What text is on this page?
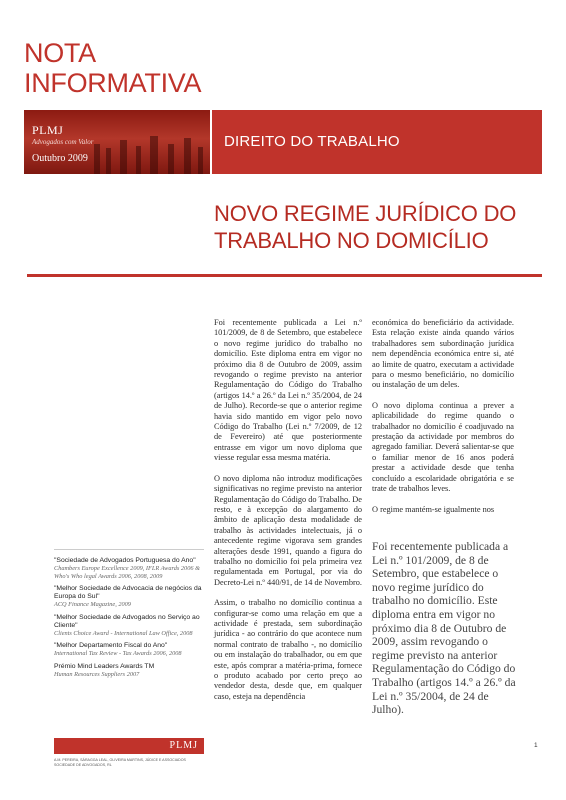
NOTA
INFORMATIVA
PLMJ
Advogados com Valor
Outubro 2009
DIREITO DO TRABALHO
NOVO REGIME JURÍDICO DO
TRABALHO NO DOMICÍLIO

Foi recentemente publicada a Lei n.º 101/2009, de 8 de Setembro, que estabelece o novo regime jurídico do trabalho no domicílio. Este diploma entra em vigor no próximo dia 8 de Outubro de 2009, assim revogando o regime previsto na anterior Regulamentação do Código do Trabalho (artigos 14.º a 26.º da Lei n.º 35/2004, de 24 de Julho). Recorde-se que o anterior regime havia sido mantido em vigor pelo novo Código do Trabalho (Lei n.º 7/2009, de 12 de Fevereiro) até que posteriormente entrasse em vigor um novo diploma que viesse regular essa mesma matéria.

O novo diploma não introduz modificações significativas no regime previsto na anterior Regulamentação do Código do Trabalho. De resto, e à excepção do alargamento do âmbito de aplicação desta modalidade de trabalho às actividades intelectuais, já o antecedente regime vigorava sem grandes alterações desde 1991, quando a figura do trabalho no domicílio foi pela primeira vez regulamentada em Portugal, por via do Decreto-Lei n.º 440/91, de 14 de Novembro.

Assim, o trabalho no domicílio continua a configurar-se como uma relação em que a actividade é prestada, sem subordinação jurídica - ao contrário do que acontece num normal contrato de trabalho -, no domicílio ou em instalação do trabalhador, ou em que este, após comprar a matéria-prima, fornece o produto acabado por certo preço ao vendedor desta, desde que, em qualquer caso, esteja na dependência

económica do beneficiário da actividade. Esta relação existe ainda quando vários trabalhadores sem subordinação jurídica nem dependência económica entre si, até ao limite de quatro, executam a actividade para o mesmo beneficiário, no domicílio ou instalação de um deles.

O novo diploma continua a prever a aplicabilidade do regime quando o trabalhador no domicílio é coadjuvado na prestação da actividade por membros do agregado familiar. Deverá salientar-se que o familiar menor de 16 anos poderá prestar a actividade desde que tenha concluído a escolaridade obrigatória e se trate de trabalhos leves.

O regime mantém-se igualmente nos

Foi recentemente publicada a Lei n.º 101/2009, de 8 de Setembro, que estabelece o novo regime jurídico do trabalho no domicílio. Este diploma entra em vigor no próximo dia 8 de Outubro de 2009, assim revogando o regime previsto na anterior Regulamentação do Código do Trabalho (artigos 14.º a 26.º da Lei n.º 35/2004, de 24 de Julho).
"Sociedade de Advogados Portuguesa do Ano"
Chambers Europe Excellence 2009, IFLR Awards 2006 & Who's Who legal Awards 2006, 2008, 2009
"Melhor Sociedade de Advocacia de negócios da Europa do Sul"
ACQ Finance Magazine, 2009
"Melhor Sociedade de Advogados no Serviço ao Cliente"
Clients Choice Award - International Law Office, 2008
"Melhor Departamento Fiscal do Ano"
International Tax Review - Tax Awards 2006, 2008
Prémio Mind Leaders Awards TM
Human Resources Suppliers 2007
PLMJ
A.M. PEREIRA, SÁRAGGA LEAL, OLIVEIRA MARTINS, JÚDICE E ASSOCIADOS
SOCIEDADE DE ADVOGADOS, RL
1
